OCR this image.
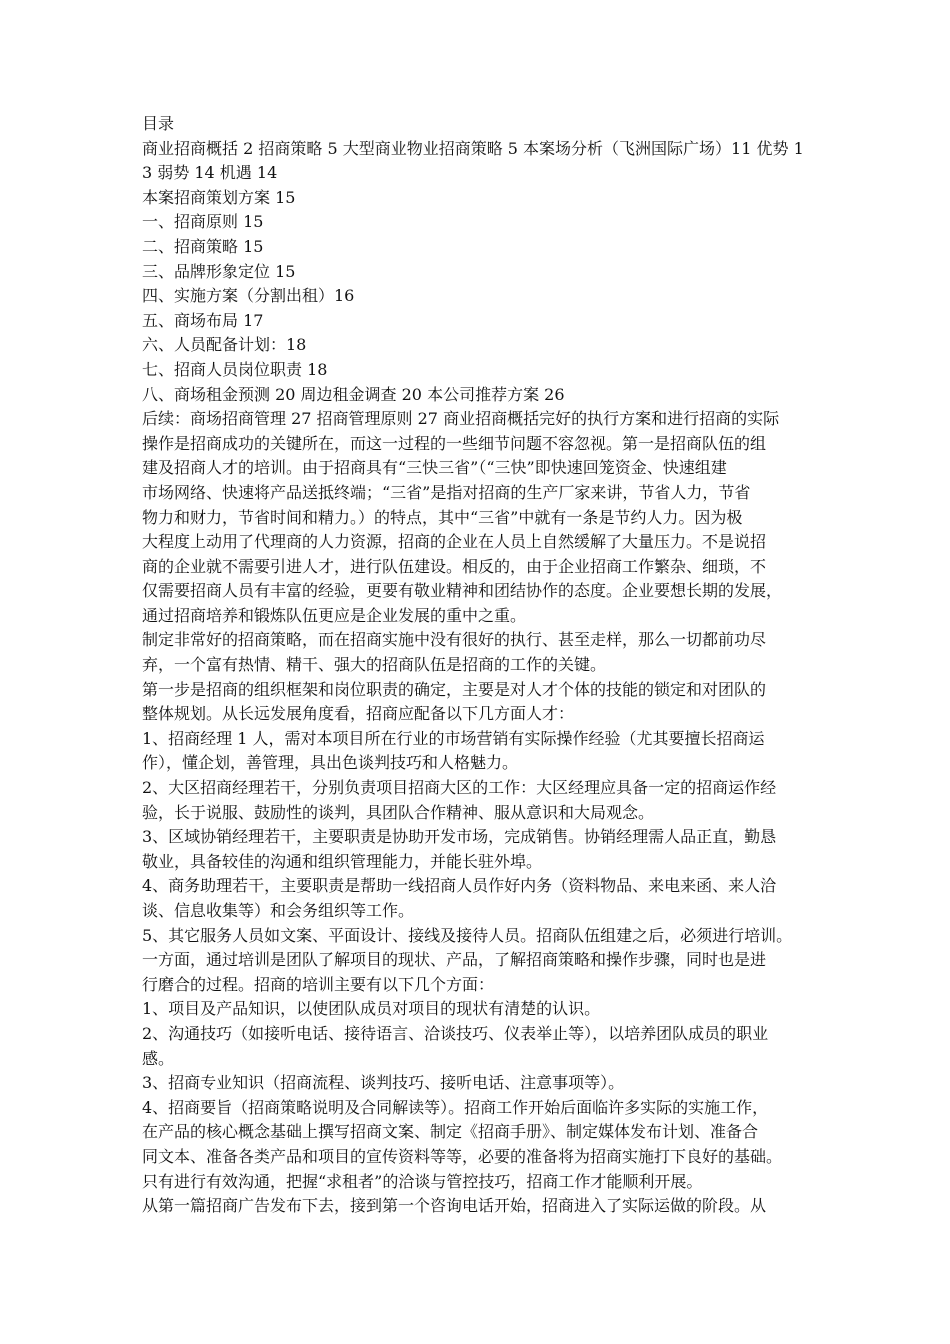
目录
商业招商概括 2 招商策略 5 大型商业物业招商策略 5 本案场分析（飞洲国际广场）11 优势 1
3 弱势 14 机遇 14
本案招商策划方案 15
一、招商原则 15
二、招商策略 15
三、品牌形象定位 15
四、实施方案（分割出租）16
五、商场布局 17
六、人员配备计划：18
七、招商人员岗位职责 18
八、商场租金预测 20 周边租金调查 20 本公司推荐方案 26
后续：商场招商管理 27 招商管理原则 27 商业招商概括完好的执行方案和进行招商的实际
操作是招商成功的关键所在，而这一过程的一些细节问题不容忽视。第一是招商队伍的组
建及招商人才的培训。由于招商具有“三快三省”（“三快”即快速回笼资金、快速组建
市场网络、快速将产品送抵终端；“三省”是指对招商的生产厂家来讲，节省人力，节省
物力和财力，节省时间和精力。）的特点，其中“三省”中就有一条是节约人力。因为极
大程度上动用了代理商的人力资源，招商的企业在人员上自然缓解了大量压力。不是说招
商的企业就不需要引进人才，进行队伍建设。相反的，由于企业招商工作繁杂、细琐，不
仅需要招商人员有丰富的经验，更要有敬业精神和团结协作的态度。企业要想长期的发展，
通过招商培养和锻炼队伍更应是企业发展的重中之重。
制定非常好的招商策略，而在招商实施中没有很好的执行、甚至走样，那么一切都前功尽
弃，一个富有热情、精干、强大的招商队伍是招商的工作的关键。
第一步是招商的组织框架和岗位职责的确定，主要是对人才个体的技能的锁定和对团队的
整体规划。从长远发展角度看，招商应配备以下几方面人才：
1、招商经理 1 人，需对本项目所在行业的市场营销有实际操作经验（尤其要擅长招商运
作），懂企划，善管理，具出色谈判技巧和人格魅力。
2、大区招商经理若干，分别负责项目招商大区的工作：大区经理应具备一定的招商运作经
验，长于说服、鼓励性的谈判，具团队合作精神、服从意识和大局观念。
3、区域协销经理若干，主要职责是协助开发市场，完成销售。协销经理需人品正直，勤恳
敬业，具备较佳的沟通和组织管理能力，并能长驻外埠。
4、商务助理若干，主要职责是帮助一线招商人员作好内务（资料物品、来电来函、来人洽
谈、信息收集等）和会务组织等工作。
5、其它服务人员如文案、平面设计、接线及接待人员。招商队伍组建之后，必须进行培训。
一方面，通过培训是团队了解项目的现状、产品，了解招商策略和操作步骤，同时也是进
行磨合的过程。招商的培训主要有以下几个方面：
1、项目及产品知识，以使团队成员对项目的现状有清楚的认识。
2、沟通技巧（如接听电话、接待语言、洽谈技巧、仪表举止等），以培养团队成员的职业
感。
3、招商专业知识（招商流程、谈判技巧、接听电话、注意事项等）。
4、招商要旨（招商策略说明及合同解读等）。招商工作开始后面临许多实际的实施工作，
在产品的核心概念基础上撰写招商文案、制定《招商手册》、制定媒体发布计划、准备合
同文本、准备各类产品和项目的宣传资料等等，必要的准备将为招商实施打下良好的基础。
只有进行有效沟通，把握“求租者”的洽谈与管控技巧，招商工作才能顺利开展。
从第一篇招商广告发布下去，接到第一个咨询电话开始，招商进入了实际运做的阶段。从
